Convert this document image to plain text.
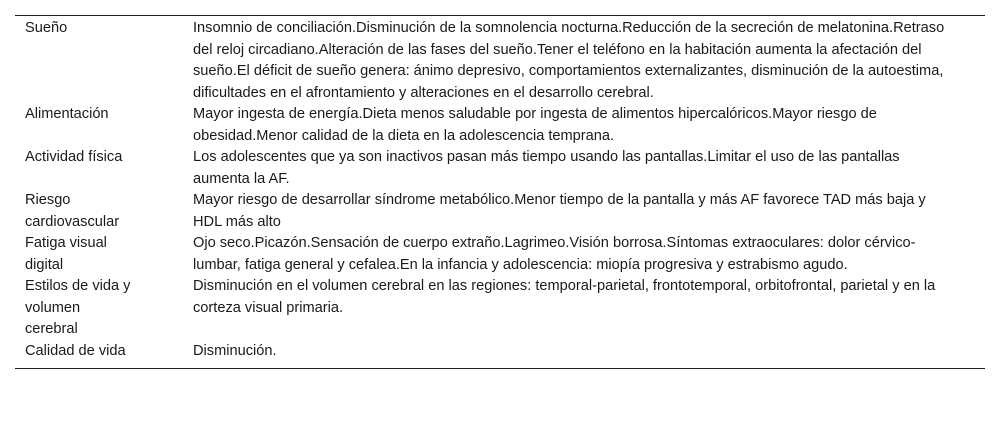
Sueño	Insomnio de conciliación.Disminución de la somnolencia nocturna.Reducción de la secreción de melatonina.Retraso del reloj circadiano.Alteración de las fases del sueño.Tener el teléfono en la habitación aumenta la afectación del sueño.El déficit de sueño genera: ánimo depresivo, comportamientos externalizantes, disminución de la autoestima, dificultades en el afrontamiento y alteraciones en el desarrollo cerebral.

Alimentación	Mayor ingesta de energía.Dieta menos saludable por ingesta de alimentos hipercalóricos.Mayor riesgo de obesidad.Menor calidad de la dieta en la adolescencia temprana.

Actividad física	Los adolescentes que ya son inactivos pasan más tiempo usando las pantallas.Limitar el uso de las pantallas aumenta la AF.

Riesgo cardiovascular	Mayor riesgo de desarrollar síndrome metabólico.Menor tiempo de la pantalla y más AF favorece TAD más baja y HDL más alto

Fatiga visual digital	Ojo seco.Picazón.Sensación de cuerpo extraño.Lagrimeo.Visión borrosa.Síntomas extraoculares: dolor cérvico-lumbar, fatiga general y cefalea.En la infancia y adolescencia: miopía progresiva y estrabismo agudo.

Estilos de vida y volumen cerebral	Disminución en el volumen cerebral en las regiones: temporal-parietal, frontotemporal, orbitofrontal, parietal y en la corteza visual primaria.

Calidad de vida	Disminución.
